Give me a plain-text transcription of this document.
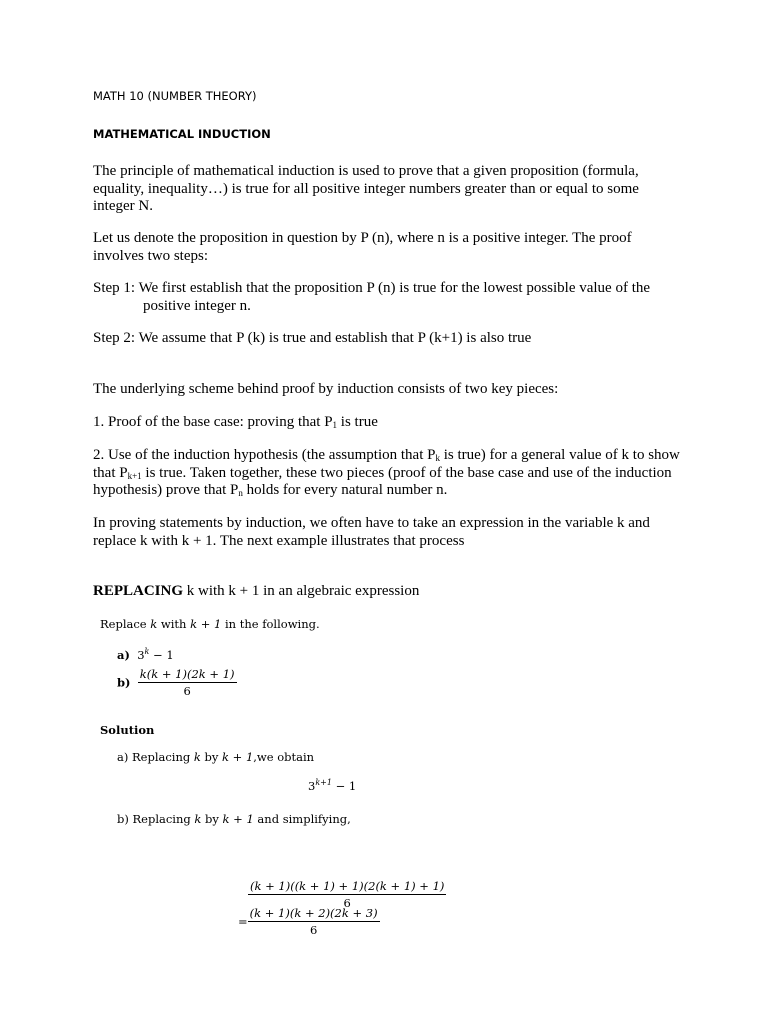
MATH 10 (NUMBER THEORY)

MATHEMATICAL INDUCTION

The principle of mathematical induction is used to prove that a given proposition (formula, equality, inequality…) is true for all positive integer numbers greater than or equal to some integer N.

Let us denote the proposition in question by P (n), where n is a positive integer. The proof involves two steps:

Step 1: We first establish that the proposition P (n) is true for the lowest possible value of the
positive integer n.

Step 2: We assume that P (k) is true and establish that P (k+1) is also true

The underlying scheme behind proof by induction consists of two key pieces:

1. Proof of the base case: proving that $P_1$ is true

2. Use of the induction hypothesis (the assumption that $P_k$ is true) for a general value of k to show that $P_{k+1}$ is true. Taken together, these two pieces (proof of the base case and use of the induction hypothesis) prove that $P_n$ holds for every natural number n.

In proving statements by induction, we often have to take an expression in the variable k and replace k with k + 1. The next example illustrates that process

REPLACING k with k + 1 in an algebraic expression

Replace k with k + 1 in the following.

a) $3^k - 1$

$b) \frac{k(k + 1)(2k + 1)}{6}$

Solution

a) Replacing k by k + 1,we obtain

$3^{k+1} - 1$

b) Replacing k by k + 1 and simplifying,

$\frac{(k + 1)((k + 1) + 1)(2(k + 1) + 1)}{6}$

= $\frac{(k + 1)(k + 2)(2k + 3)}{6}$
